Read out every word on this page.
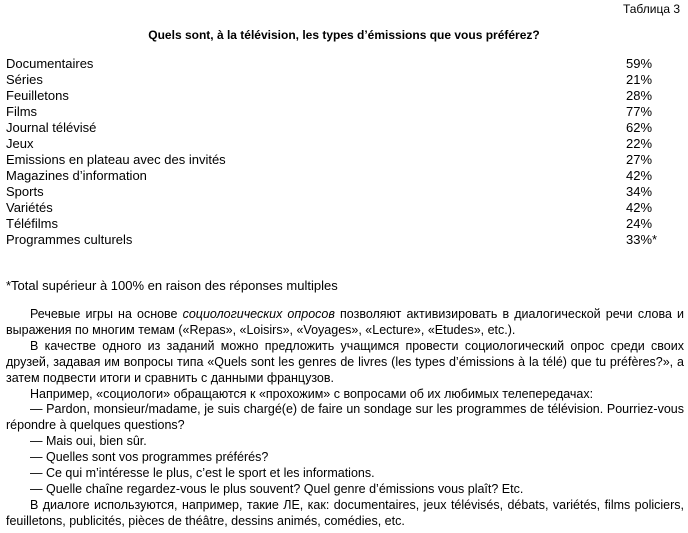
Таблица 3
Quels sont, à la télévision, les types d’émissions que vous préférez?
Documentaires	59%
Séries	21%
Feuilletons	28%
Films	77%
Journal télévisé	62%
Jeux	22%
Emissions en plateau avec des invités	27%
Magazines d’information	42%
Sports	34%
Variétés	42%
Téléfilms	24%
Programmes culturels	33%*
*Total supérieur à 100% en raison des réponses multiples

Речевые игры на основе социологических опросов позволяют активизировать в диалогической речи слова и выражения по многим темам («Repas», «Loisirs», «Voyages», «Lecture», «Etudes», etc.).

В качестве одного из заданий можно предложить учащимся провести социологический опрос среди своих друзей, задавая им вопросы типа «Quels sont les genres de livres (les types d’émissions à la télé) que tu préfères?», а затем подвести итоги и сравнить с данными французов.

Например, «социологи» обращаются к «прохожим» с вопросами об их любимых телепередачах:

— Pardon, monsieur/madame, je suis chargé(e) de faire un sondage sur les programmes de télévision. Pourriez-vous répondre à quelques questions?

— Mais oui, bien sûr.

— Quelles sont vos programmes préférés?

— Ce qui m’intéresse le plus, c’est le sport et les informations.

— Quelle chaîne regardez-vous le plus souvent? Quel genre d’émissions vous plaît? Etc.

В диалоге используются, например, такие ЛЕ, как: documentaires, jeux télévisés, débats, variétés, films policiers, feuilletons, publicités, pièces de théâtre, dessins animés, comédies, etc.
